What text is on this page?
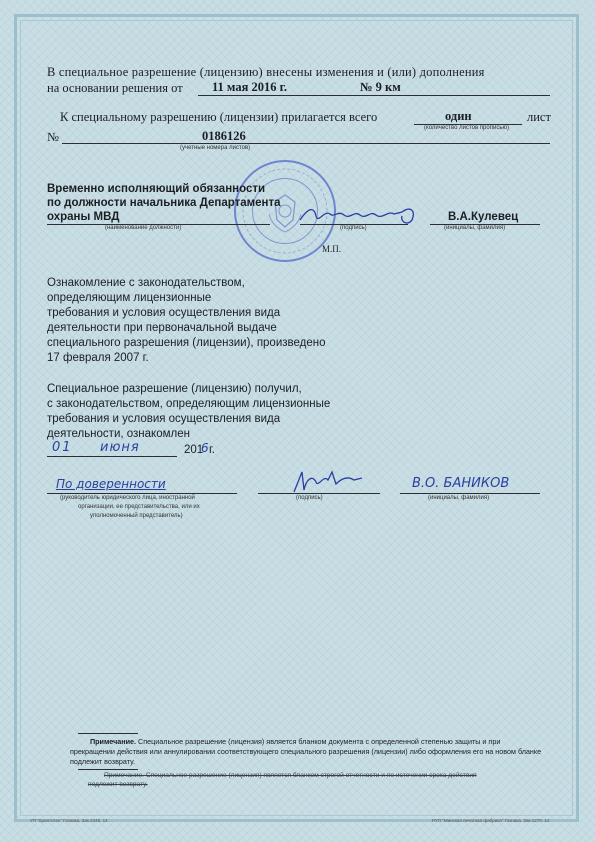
В специальное разрешение (лицензию) внесены изменения и (или) дополнения
на основании решения от 11 мая 2016 г.	№ 9 км
К специальному разрешению (лицензии) прилагается всего	один	лист
(количество листов прописью)
№	0186126
(учетные номера листов)
Временно исполняющий обязанности
по должности начальника Департамента
охраны МВД
(наименование должности)	(подпись)
В.А.Кулевец
(инициалы, фамилия)
М.П.
Ознакомление с законодательством,
определяющим лицензионные
требования и условия осуществления вида
деятельности при первоначальной выдаче
специального разрешения (лицензии), произведено
17 февраля 2007 г.
Специальное разрешение (лицензию) получил,
с законодательством, определяющим лицензионные
требования и условия осуществления вида
деятельности, ознакомлен
01 июня	201
6 г.
По доверенности
(руководитель юридического лица, иностранной
организации, ее представительства, или их
уполномоченный представитель)
(подпись)
В.О. БАНИКОВ
(инициалы, фамилия)
Примечание. Специальное разрешение (лицензия) является бланком документа с определенной степенью защиты и при
прекращении действия или аннулировании соответствующего специального разрешения (лицензии) либо оформления его на новом бланке
подлежит возврату.
Примечание. Специальное разрешение (лицензия) является бланком строгой отчетности и по истечении срока действия
подлежит возврату.
УП "Криптотех" Гознака. Зак.2345. 14	РУП "Минская печатная фабрика" Гознака. Зак.1270. 14
